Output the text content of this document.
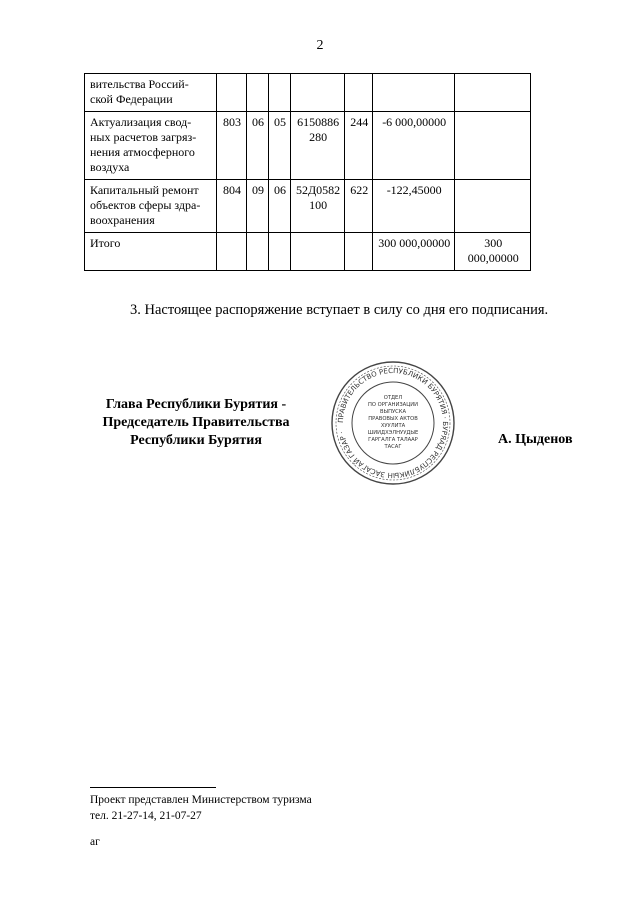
2
вительства Россий-
ской Федерации							

Актуализация свод-
ных расчетов загряз-
нения атмосферного
воздуха	803	06	05	6150886 280	244	-6 000,00000	

Капитальный ремонт
объектов сферы здра-
воохранения	804	09	06	52Д0582 100	622	-122,45000	

Итого						300 000,00000	300 000,00000
3. Настоящее распоряжение вступает в силу со дня его подписания.
Глава Республики Бурятия -
Председатель Правительства
Республики Бурятия
ПРАВИТЕЛЬСТВО РЕСПУБЛИКИ БУРЯТИЯ · БУРЯАД РЕСПУБЛИКЫН ЗАСАГАЙ ГАЗАР ·
ОТДЕЛ
ПО ОРГАНИЗАЦИИ
ВЫПУСКА
ПРАВОВЫХ АКТОВ
ХУУЛИТА
ШИИДХЭЛНУУДЫЕ
ГАРГАЛГА ТАЛААР
ТАСАГ	А. Цыденов
Проект представлен Министерством туризма
тел. 21-27-14, 21-07-27
аг
